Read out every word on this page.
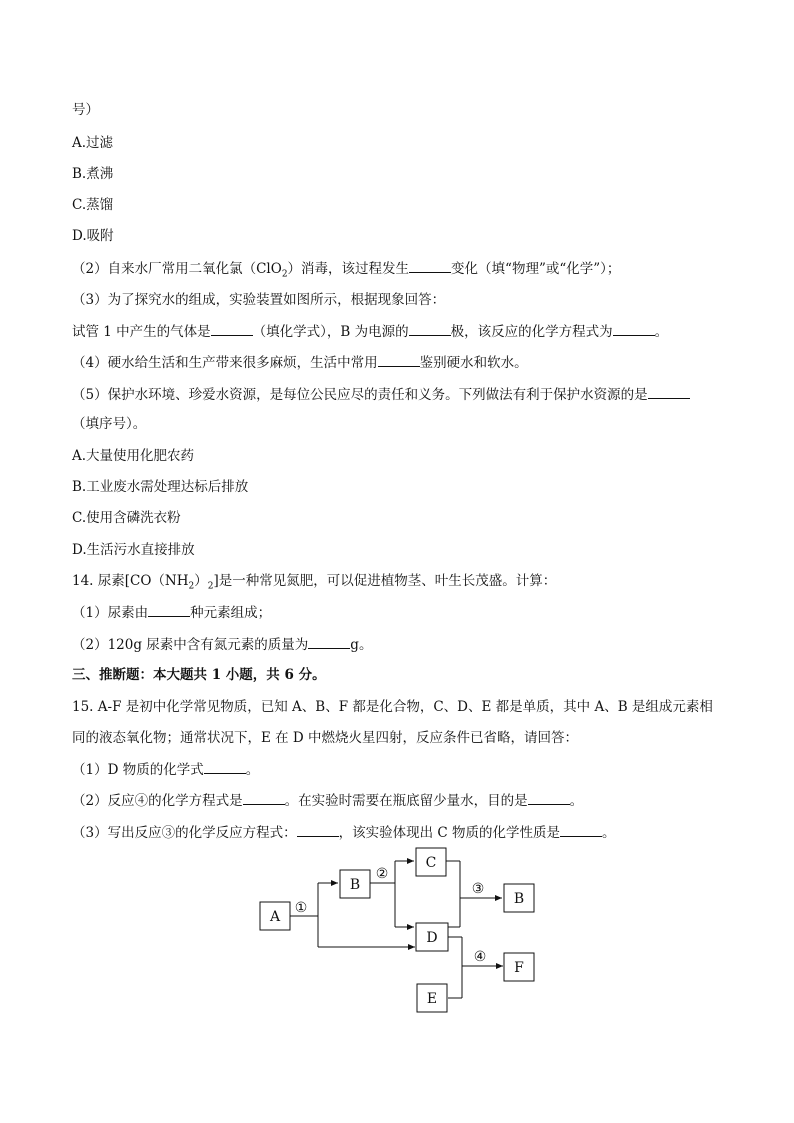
号）
A.过滤
B.煮沸
C.蒸馏
D.吸附
（2）自来水厂常用二氧化氯（ClO$_2$）消毒，该过程发生	变化（填“物理”或“化学”）；
（3）为了探究水的组成，实验装置如图所示，根据现象回答：
试管 1 中产生的气体是	（填化学式），B 为电源的	极，该反应的化学方程式为	。
（4）硬水给生活和生产带来很多麻烦，生活中常用	鉴别硬水和软水。
（5）保护水环境、珍爱水资源，是每位公民应尽的责任和义务。下列做法有利于保护水资源的是
（填序号）。
A.大量使用化肥农药
B.工业废水需处理达标后排放
C.使用含磷洗衣粉
D.生活污水直接排放
14. 尿素$[CO(NH_2)_2]$是一种常见氮肥，可以促进植物茎、叶生长茂盛。计算：
（1）尿素由	种元素组成；
（2）120g 尿素中含有氮元素的质量为	g。
三、推断题：本大题共 1 小题，共 6 分。
15. A-F 是初中化学常见物质，已知 A、B、F 都是化合物，C、D、E 都是单质，其中 A、B 是组成元素相
同的液态氧化物；通常状况下，E 在 D 中燃烧火星四射，反应条件已省略，请回答：
（1）D 物质的化学式	。
（2）反应④的化学方程式是	。在实验时需要在瓶底留少量水，目的是	。
（3）写出反应③的化学反应方程式：	，该实验体现出 C 物质的化学性质是	。
A
B
C
D
B
E
F
①
②
③
④
